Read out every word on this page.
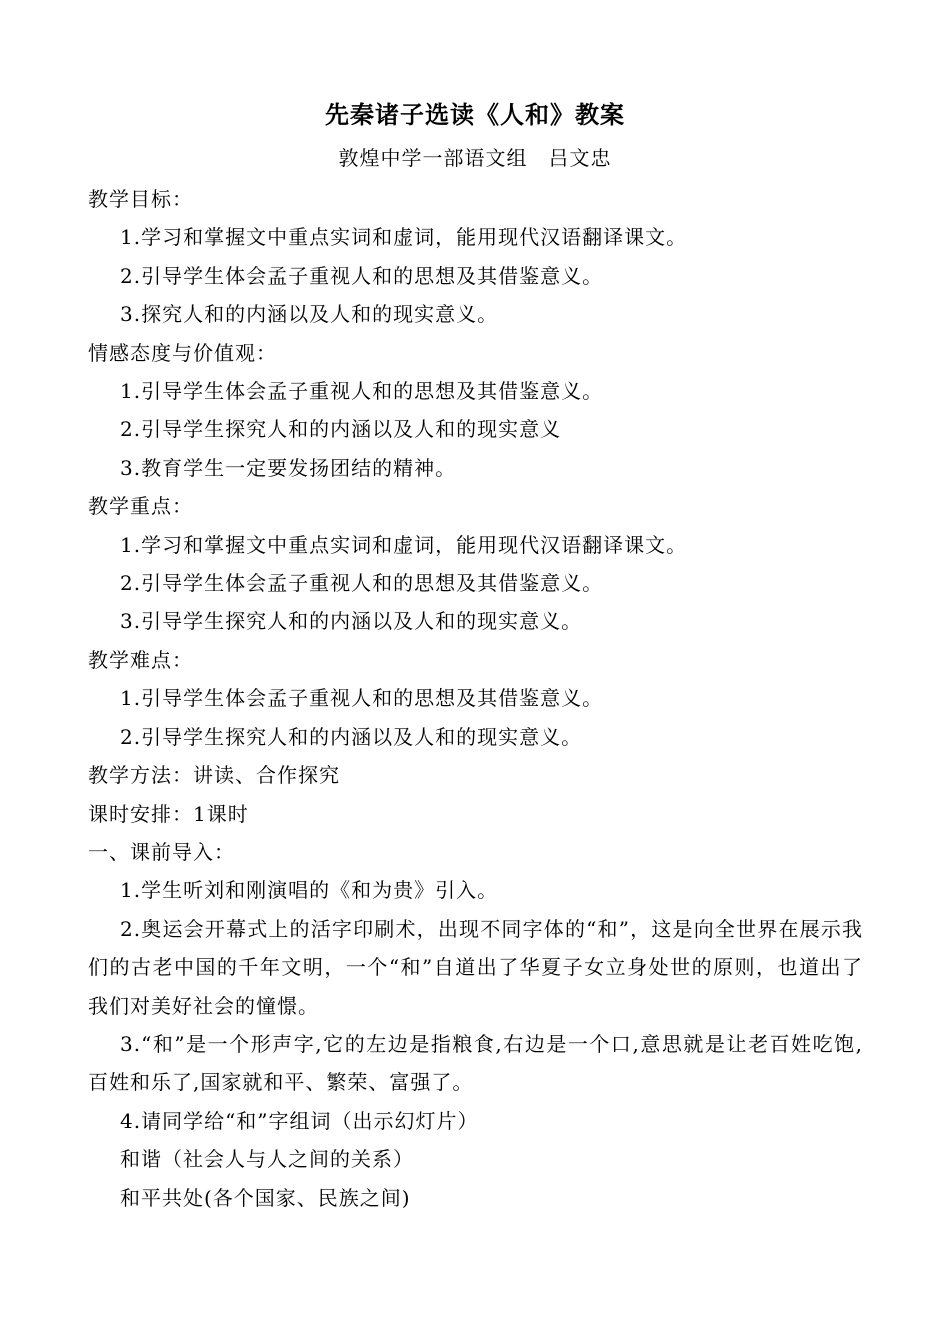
先秦诸子选读《人和》教案
敦煌中学一部语文组　吕文忠
教学目标：
1.学习和掌握文中重点实词和虚词，能用现代汉语翻译课文。
2.引导学生体会孟子重视人和的思想及其借鉴意义。
3.探究人和的内涵以及人和的现实意义。
情感态度与价值观：
1.引导学生体会孟子重视人和的思想及其借鉴意义。
2.引导学生探究人和的内涵以及人和的现实意义
3.教育学生一定要发扬团结的精神。
教学重点：
1.学习和掌握文中重点实词和虚词，能用现代汉语翻译课文。
2.引导学生体会孟子重视人和的思想及其借鉴意义。
3.引导学生探究人和的内涵以及人和的现实意义。
教学难点：
1.引导学生体会孟子重视人和的思想及其借鉴意义。
2.引导学生探究人和的内涵以及人和的现实意义。
教学方法：讲读、合作探究
课时安排：1课时
一、课前导入：
1.学生听刘和刚演唱的《和为贵》引入。
2.奥运会开幕式上的活字印刷术，出现不同字体的“和”，这是向全世界在展示我们的古老中国的千年文明，一个“和”自道出了华夏子女立身处世的原则，也道出了我们对美好社会的憧憬。
3.“和”是一个形声字,它的左边是指粮食,右边是一个口,意思就是让老百姓吃饱,百姓和乐了,国家就和平、繁荣、富强了。
4.请同学给“和”字组词（出示幻灯片）
和谐（社会人与人之间的关系）
和平共处(各个国家、民族之间)
